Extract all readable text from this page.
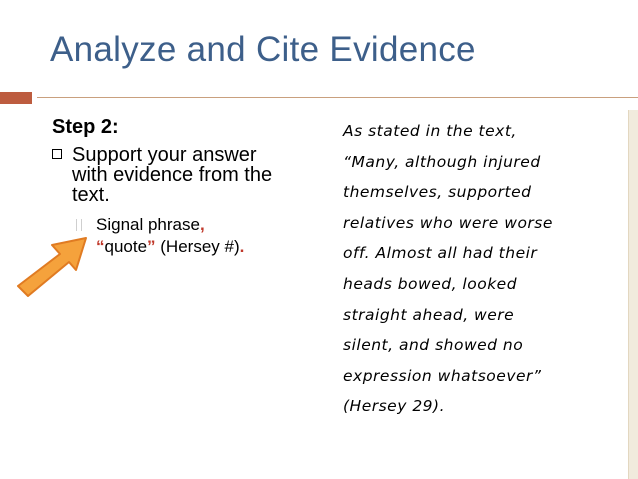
Analyze and Cite Evidence
Step 2:
Support your answer with evidence from the text.
Signal phrase,
“quote” (Hersey #).
As stated in the text,
“Many, although injured
themselves, supported
relatives who were worse
off. Almost all had their
heads bowed, looked
straight ahead, were
silent, and showed no
expression whatsoever”
(Hersey 29).
